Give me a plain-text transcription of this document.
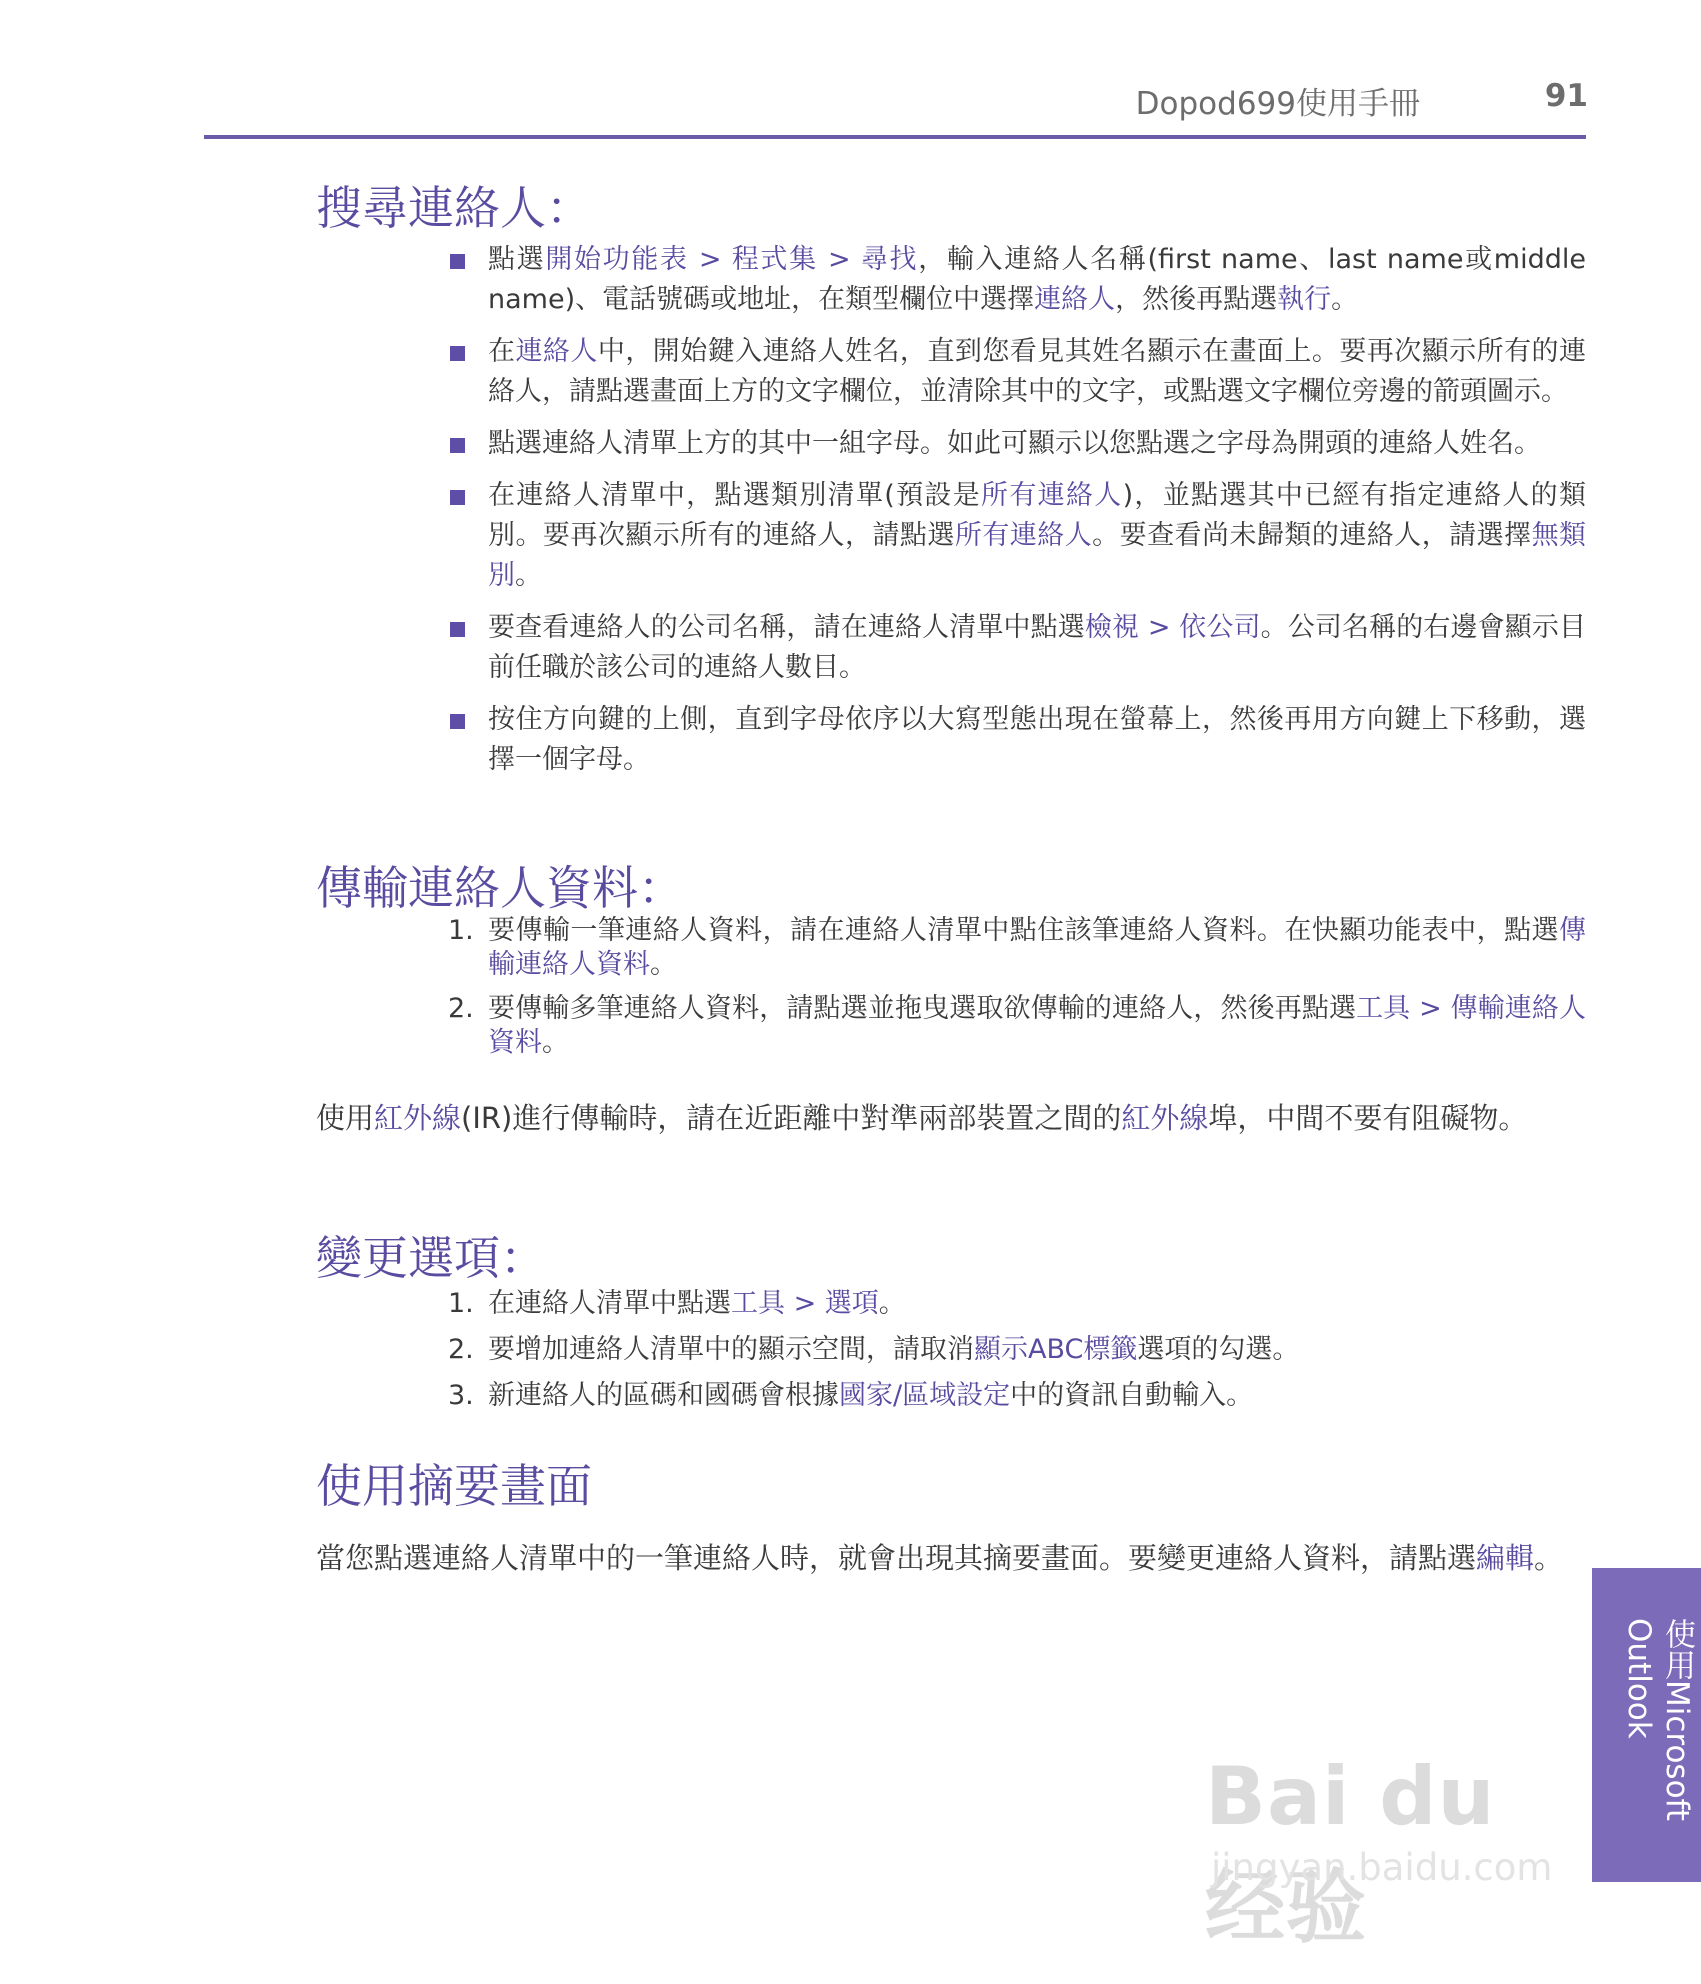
Dopod699使用手冊	91
搜尋連絡人：
點選開始功能表 > 程式集 > 尋找，輸入連絡人名稱(first name、last name或middle name)、電話號碼或地址，在類型欄位中選擇連絡人，然後再點選執行。
在連絡人中，開始鍵入連絡人姓名，直到您看見其姓名顯示在畫面上。要再次顯示所有的連絡人，請點選畫面上方的文字欄位，並清除其中的文字，或點選文字欄位旁邊的箭頭圖示。
點選連絡人清單上方的其中一組字母。如此可顯示以您點選之字母為開頭的連絡人姓名。
在連絡人清單中，點選類別清單(預設是所有連絡人)，並點選其中已經有指定連絡人的類別。要再次顯示所有的連絡人，請點選所有連絡人。要查看尚未歸類的連絡人，請選擇無類別。
要查看連絡人的公司名稱，請在連絡人清單中點選檢視 > 依公司。公司名稱的右邊會顯示目前任職於該公司的連絡人數目。
按住方向鍵的上側，直到字母依序以大寫型態出現在螢幕上，然後再用方向鍵上下移動，選擇一個字母。
傳輸連絡人資料：
1. 要傳輸一筆連絡人資料，請在連絡人清單中點住該筆連絡人資料。在快顯功能表中，點選傳輸連絡人資料。
2. 要傳輸多筆連絡人資料，請點選並拖曳選取欲傳輸的連絡人，然後再點選工具 > 傳輸連絡人資料。

使用紅外線(IR)進行傳輸時，請在近距離中對準兩部裝置之間的紅外線埠，中間不要有阻礙物。

變更選項：
1. 在連絡人清單中點選工具 > 選項。
2. 要增加連絡人清單中的顯示空間，請取消顯示ABC標籤選項的勾選。
3. 新連絡人的區碼和國碼會根據國家/區域設定中的資訊自動輸入。
使用摘要畫面

當您點選連絡人清單中的一筆連絡人時，就會出現其摘要畫面。要變更連絡人資料，請點選編輯。

使用Microsoft Outlook
Bai du 经验
jingyan.baidu.com
